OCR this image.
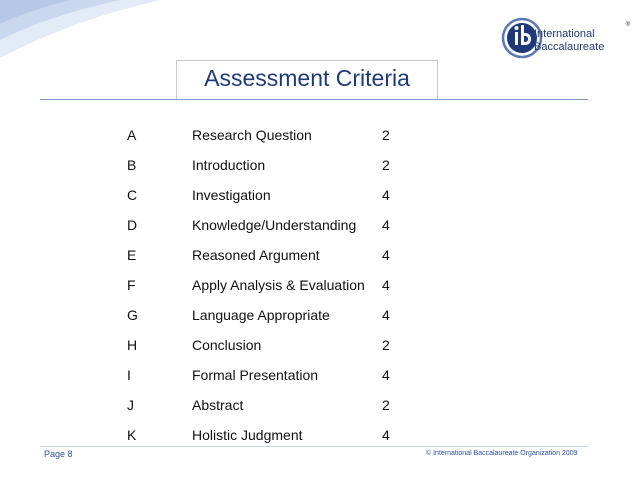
International
Baccalaureate
®
Assessment Criteria
A	Research Question	2
B	Introduction	2
C	Investigation	4
D	Knowledge/Understanding 4
E	Reasoned Argument	4
F	Apply Analysis & Evaluation 4
G	Language Appropriate	4
H	Conclusion	2
I	Formal Presentation	4
J	Abstract	2
K	Holistic Judgment	4
Page 8	© International Baccalaureate Organization 2009
